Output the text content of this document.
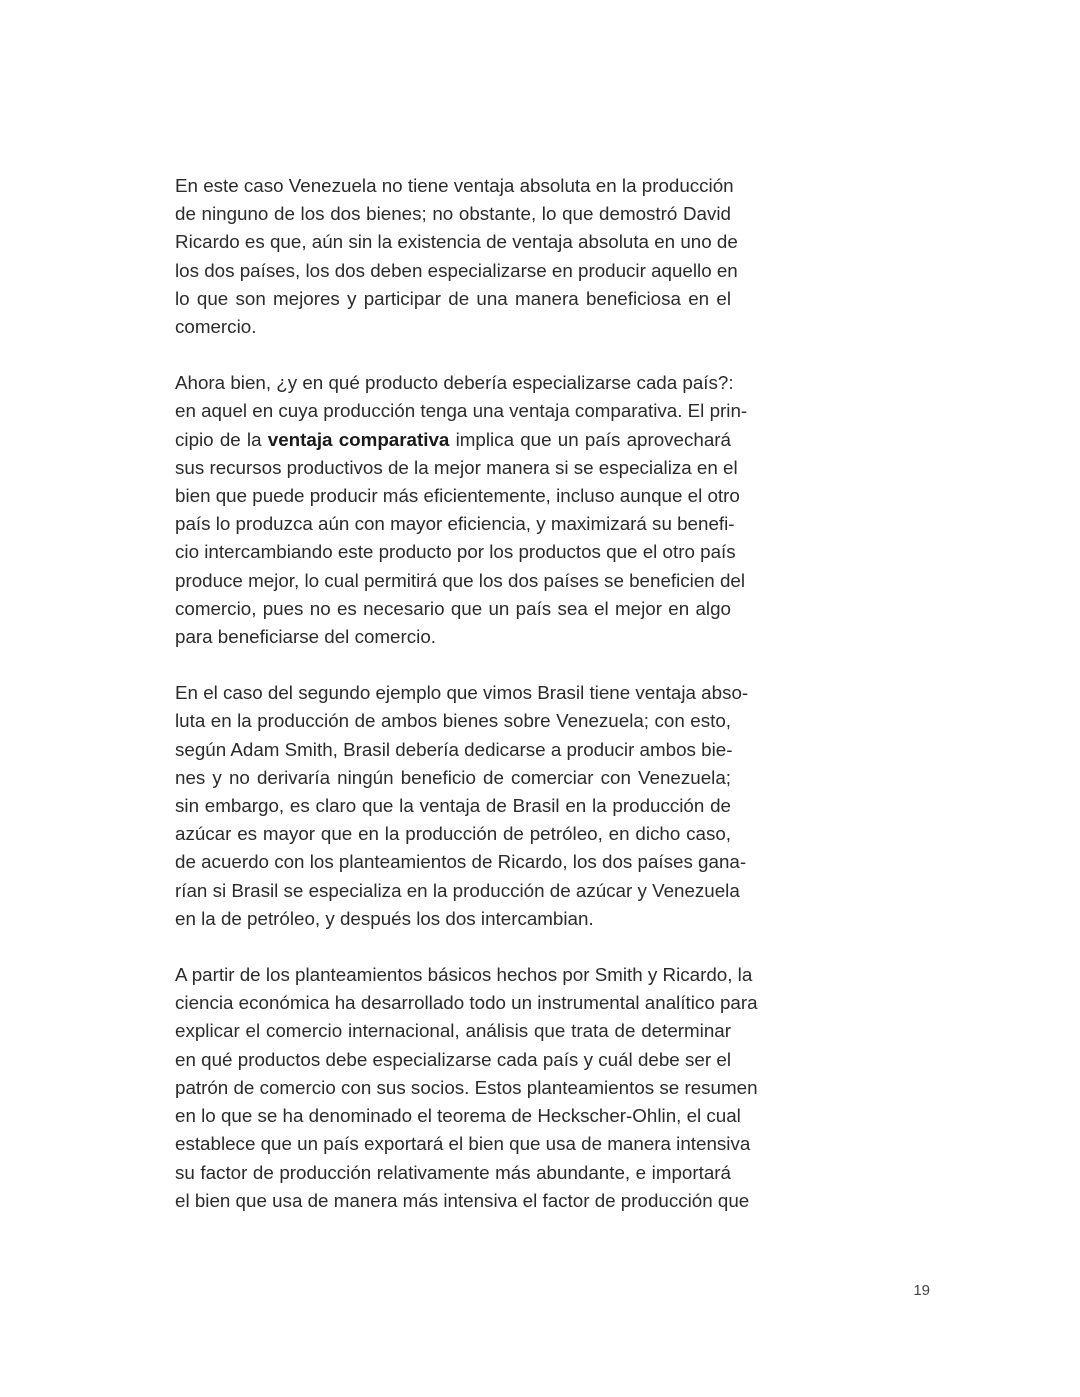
En este caso Venezuela no tiene ventaja absoluta en la producción
de ninguno de los dos bienes; no obstante, lo que demostró David
Ricardo es que, aún sin la existencia de ventaja absoluta en uno de
los dos países, los dos deben especializarse en producir aquello en
lo que son mejores y participar de una manera beneficiosa en el
comercio.

Ahora bien, ¿y en qué producto debería especializarse cada país?:
en aquel en cuya producción tenga una ventaja comparativa. El prin-
cipio de la ventaja comparativa implica que un país aprovechará
sus recursos productivos de la mejor manera si se especializa en el
bien que puede producir más eficientemente, incluso aunque el otro
país lo produzca aún con mayor eficiencia, y maximizará su benefi-
cio intercambiando este producto por los productos que el otro país
produce mejor, lo cual permitirá que los dos países se beneficien del
comercio, pues no es necesario que un país sea el mejor en algo
para beneficiarse del comercio.

En el caso del segundo ejemplo que vimos Brasil tiene ventaja abso-
luta en la producción de ambos bienes sobre Venezuela; con esto,
según Adam Smith, Brasil debería dedicarse a producir ambos bie-
nes y no derivaría ningún beneficio de comerciar con Venezuela;
sin embargo, es claro que la ventaja de Brasil en la producción de
azúcar es mayor que en la producción de petróleo, en dicho caso,
de acuerdo con los planteamientos de Ricardo, los dos países gana-
rían si Brasil se especializa en la producción de azúcar y Venezuela
en la de petróleo, y después los dos intercambian.

A partir de los planteamientos básicos hechos por Smith y Ricardo, la
ciencia económica ha desarrollado todo un instrumental analítico para
explicar el comercio internacional, análisis que trata de determinar
en qué productos debe especializarse cada país y cuál debe ser el
patrón de comercio con sus socios. Estos planteamientos se resumen
en lo que se ha denominado el teorema de Heckscher-Ohlin, el cual
establece que un país exportará el bien que usa de manera intensiva
su factor de producción relativamente más abundante, e importará
el bien que usa de manera más intensiva el factor de producción que

19
